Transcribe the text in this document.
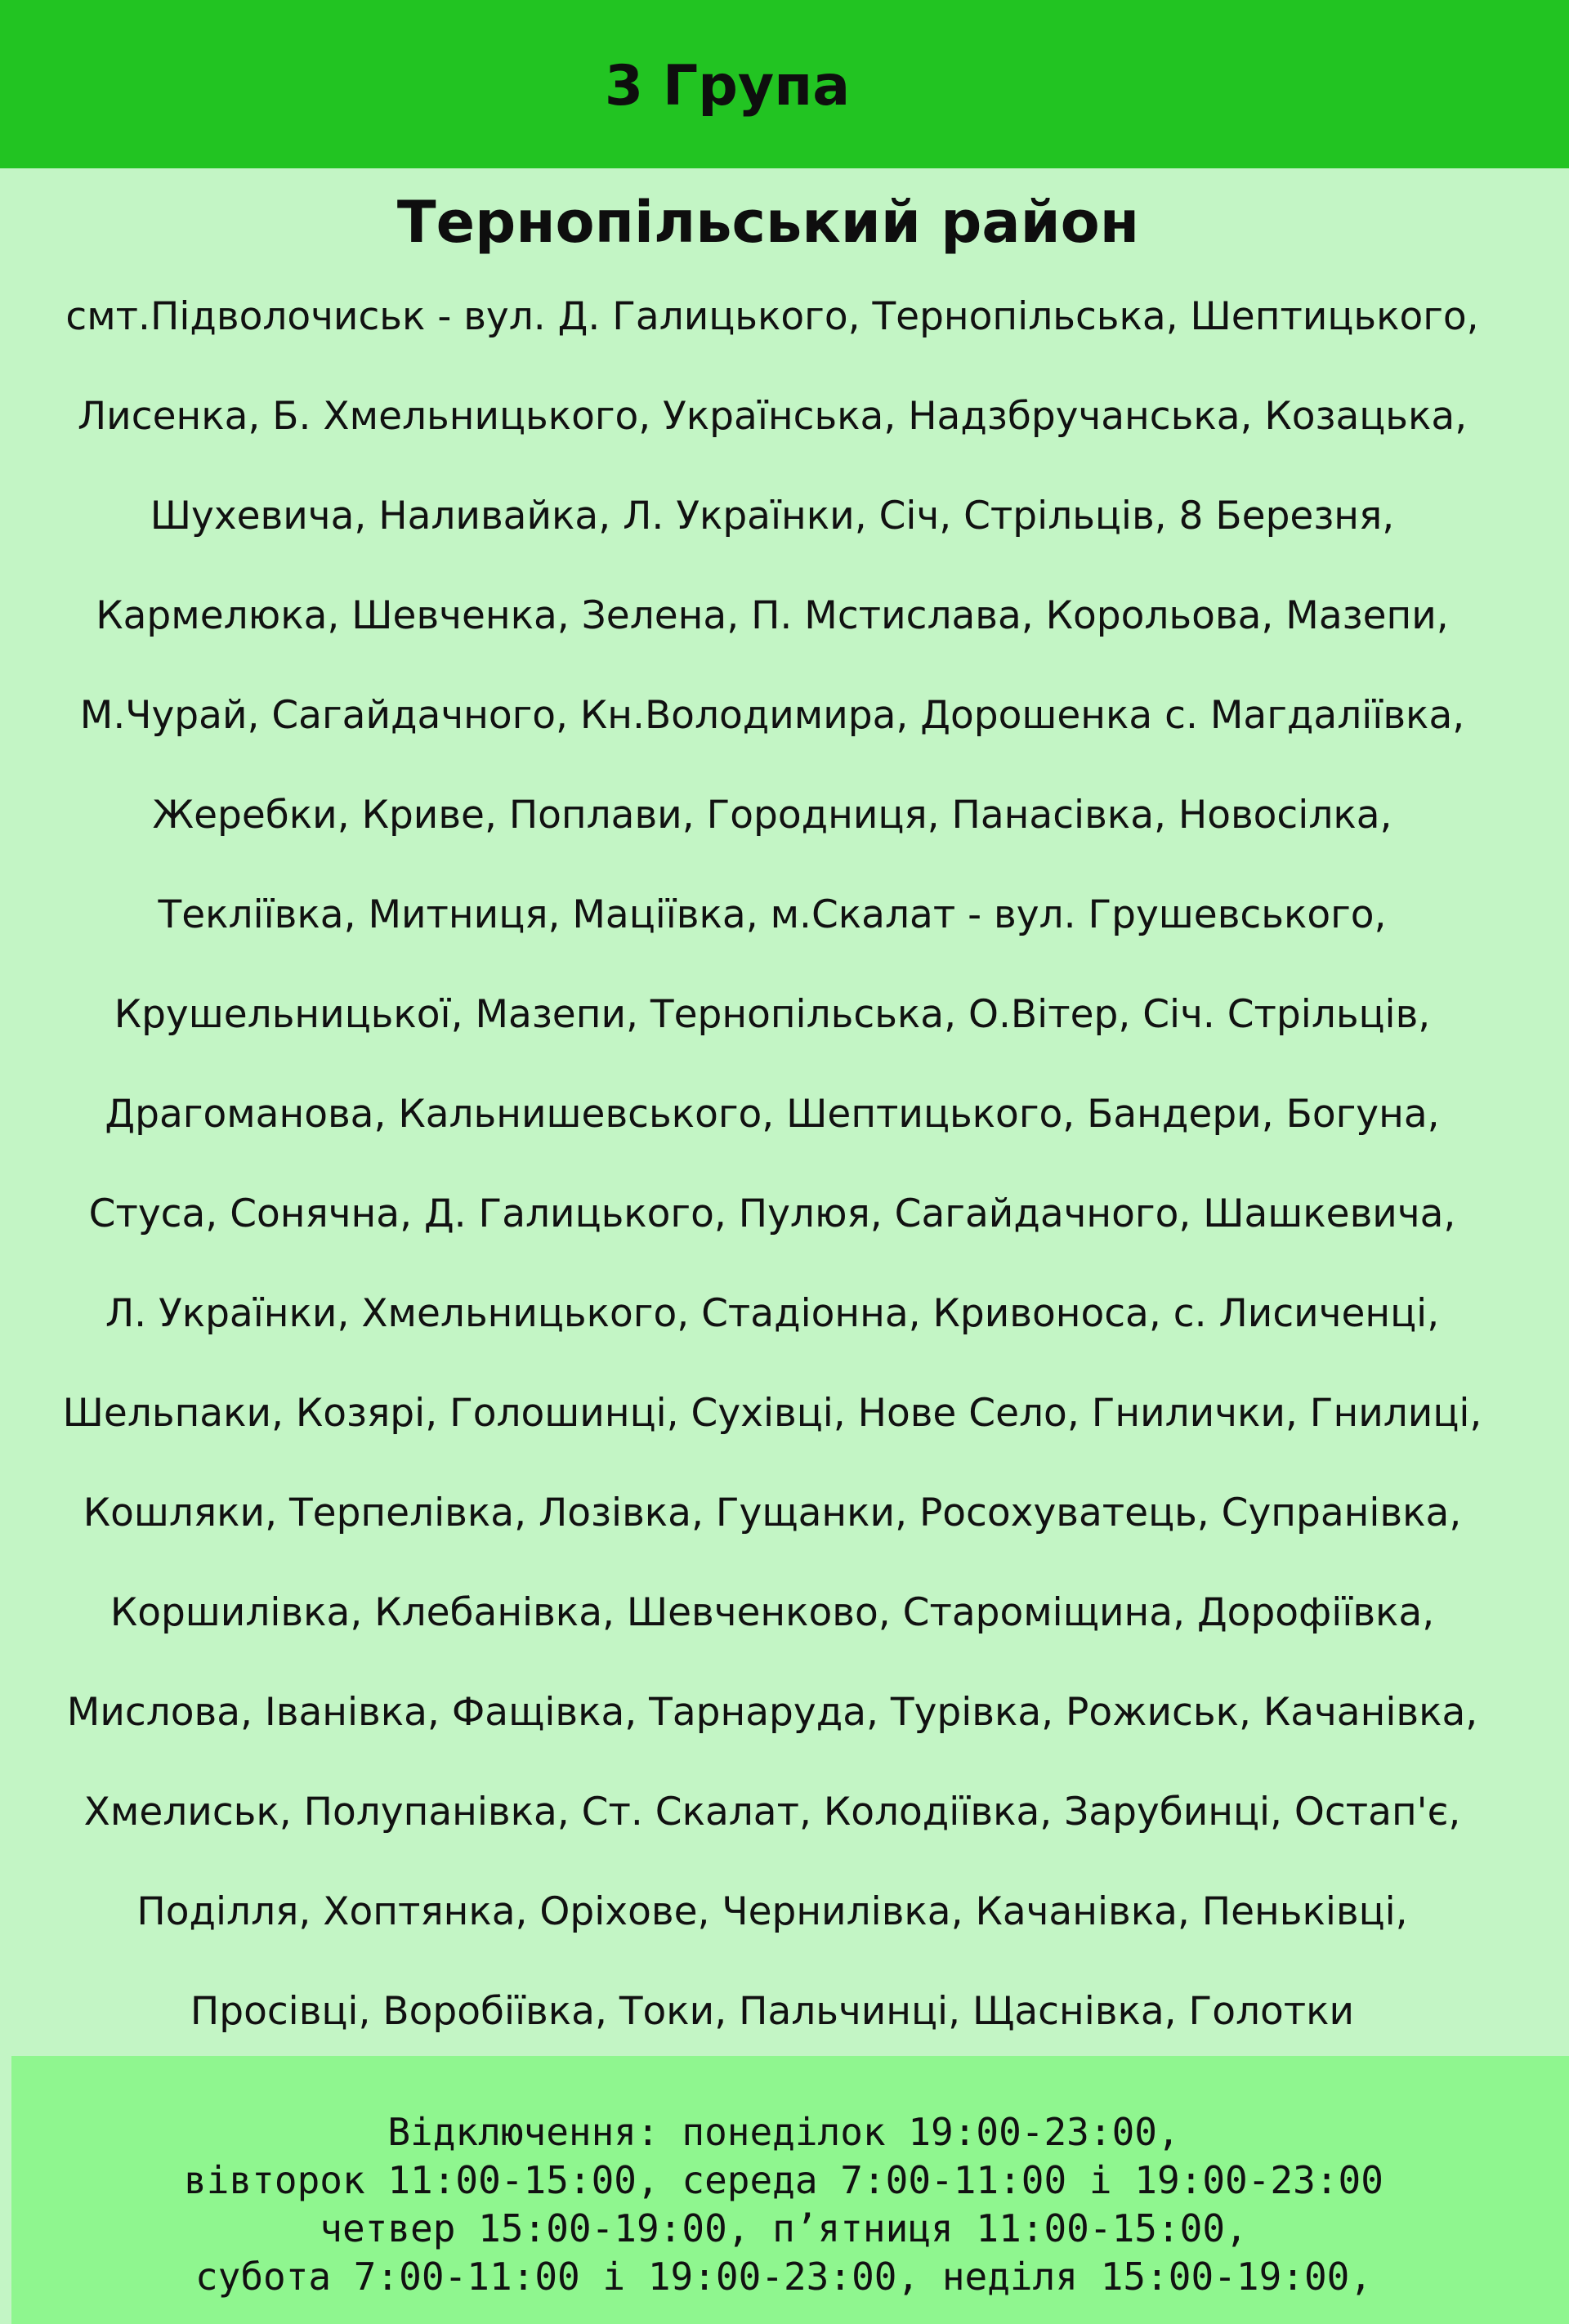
3 Група
Тернопільський район
смт.Підволочиськ - вул. Д. Галицького, Тернопільська, Шептицького,
Лисенка, Б. Хмельницького, Українська, Надзбручанська, Козацька,
Шухевича, Наливайка, Л. Українки, Січ, Стрільців, 8 Березня,
Кармелюка, Шевченка, Зелена, П. Мстислава, Корольова, Мазепи,
М.Чурай, Сагайдачного, Кн.Володимира, Дорошенка с. Магдаліївка,
Жеребки, Криве, Поплави, Городниця, Панасівка, Новосілка,
Текліївка, Митниця, Маціївка, м.Скалат - вул. Грушевського,
Крушельницької, Мазепи, Тернопільська, О.Вітер, Січ. Стрільців,
Драгоманова, Кальнишевського, Шептицького, Бандери, Богуна,
Стуса, Сонячна, Д. Галицького, Пулюя, Сагайдачного, Шашкевича,
Л. Українки, Хмельницького, Стадіонна, Кривоноса, с. Лисиченці,
Шельпаки, Козярі, Голошинці, Сухівці, Нове Село, Гнилички, Гнилиці,
Кошляки, Терпелівка, Лозівка, Гущанки, Росохуватець, Супранівка,
Коршилівка, Клебанівка, Шевченково, Староміщина, Дорофіївка,
Мислова, Іванівка, Фащівка, Тарнаруда, Турівка, Рожиськ, Качанівка,
Хмелиськ, Полупанівка, Ст. Скалат, Колодіївка, Зарубинці, Остап'є,
Поділля, Хоптянка, Оріхове, Чернилівка, Качанівка, Пеньківці,
Просівці, Воробіївка, Токи, Пальчинці, Щаснівка, Голотки
Відключення: понеділок 19:00-23:00,
вівторок 11:00-15:00, середа 7:00-11:00 і 19:00-23:00
четвер 15:00-19:00, п’ятниця 11:00-15:00,
субота 7:00-11:00 і 19:00-23:00, неділя 15:00-19:00,
